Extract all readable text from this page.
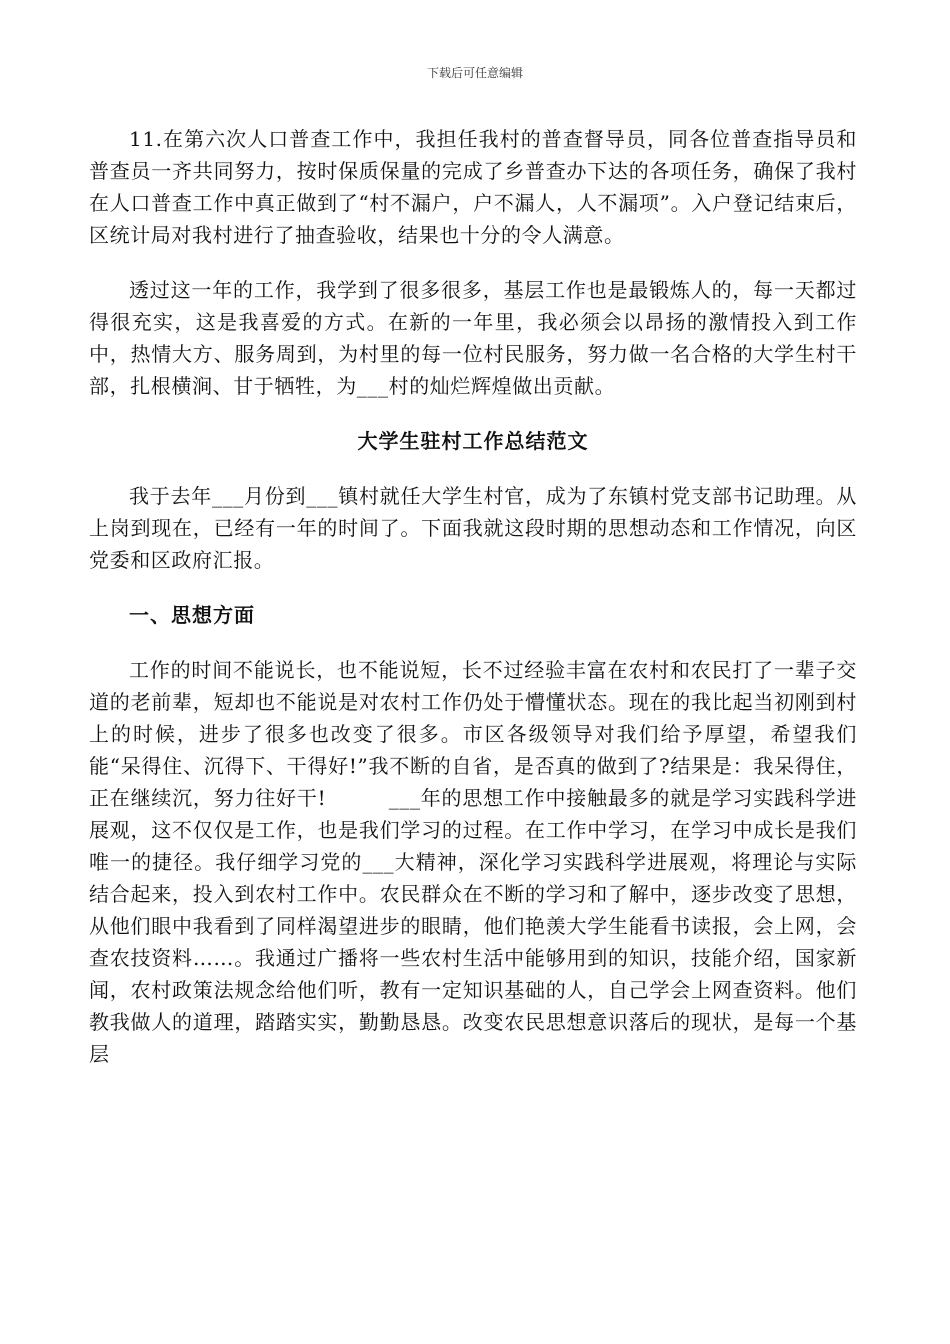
下载后可任意编辑

11.在第六次人口普查工作中，我担任我村的普查督导员，同各位普查指导员和普查员一齐共同努力，按时保质保量的完成了乡普查办下达的各项任务，确保了我村在人口普查工作中真正做到了“村不漏户，户不漏人，人不漏项”。入户登记结束后，区统计局对我村进行了抽查验收，结果也十分的令人满意。

透过这一年的工作，我学到了很多很多，基层工作也是最锻炼人的，每一天都过得很充实，这是我喜爱的方式。在新的一年里，我必须会以昂扬的激情投入到工作中，热情大方、服务周到，为村里的每一位村民服务，努力做一名合格的大学生村干部，扎根横涧、甘于牺牲，为___村的灿烂辉煌做出贡献。

大学生驻村工作总结范文

我于去年___月份到___镇村就任大学生村官，成为了东镇村党支部书记助理。从上岗到现在，已经有一年的时间了。下面我就这段时期的思想动态和工作情况，向区党委和区政府汇报。

一、思想方面

工作的时间不能说长，也不能说短，长不过经验丰富在农村和农民打了一辈子交道的老前辈，短却也不能说是对农村工作仍处于懵懂状态。现在的我比起当初刚到村上的时候，进步了很多也改变了很多。市区各级领导对我们给予厚望，希望我们能“呆得住、沉得下、干得好!”我不断的自省，是否真的做到了?结果是：我呆得住，正在继续沉，努力往好干!　　　___年的思想工作中接触最多的就是学习实践科学进展观，这不仅仅是工作，也是我们学习的过程。在工作中学习，在学习中成长是我们唯一的捷径。我仔细学习党的___大精神，深化学习实践科学进展观，将理论与实际结合起来，投入到农村工作中。农民群众在不断的学习和了解中，逐步改变了思想，从他们眼中我看到了同样渴望进步的眼睛，他们艳羡大学生能看书读报，会上网，会查农技资料……。我通过广播将一些农村生活中能够用到的知识，技能介绍，国家新闻，农村政策法规念给他们听，教有一定知识基础的人，自己学会上网查资料。他们教我做人的道理，踏踏实实，勤勤恳恳。改变农民思想意识落后的现状，是每一个基层
